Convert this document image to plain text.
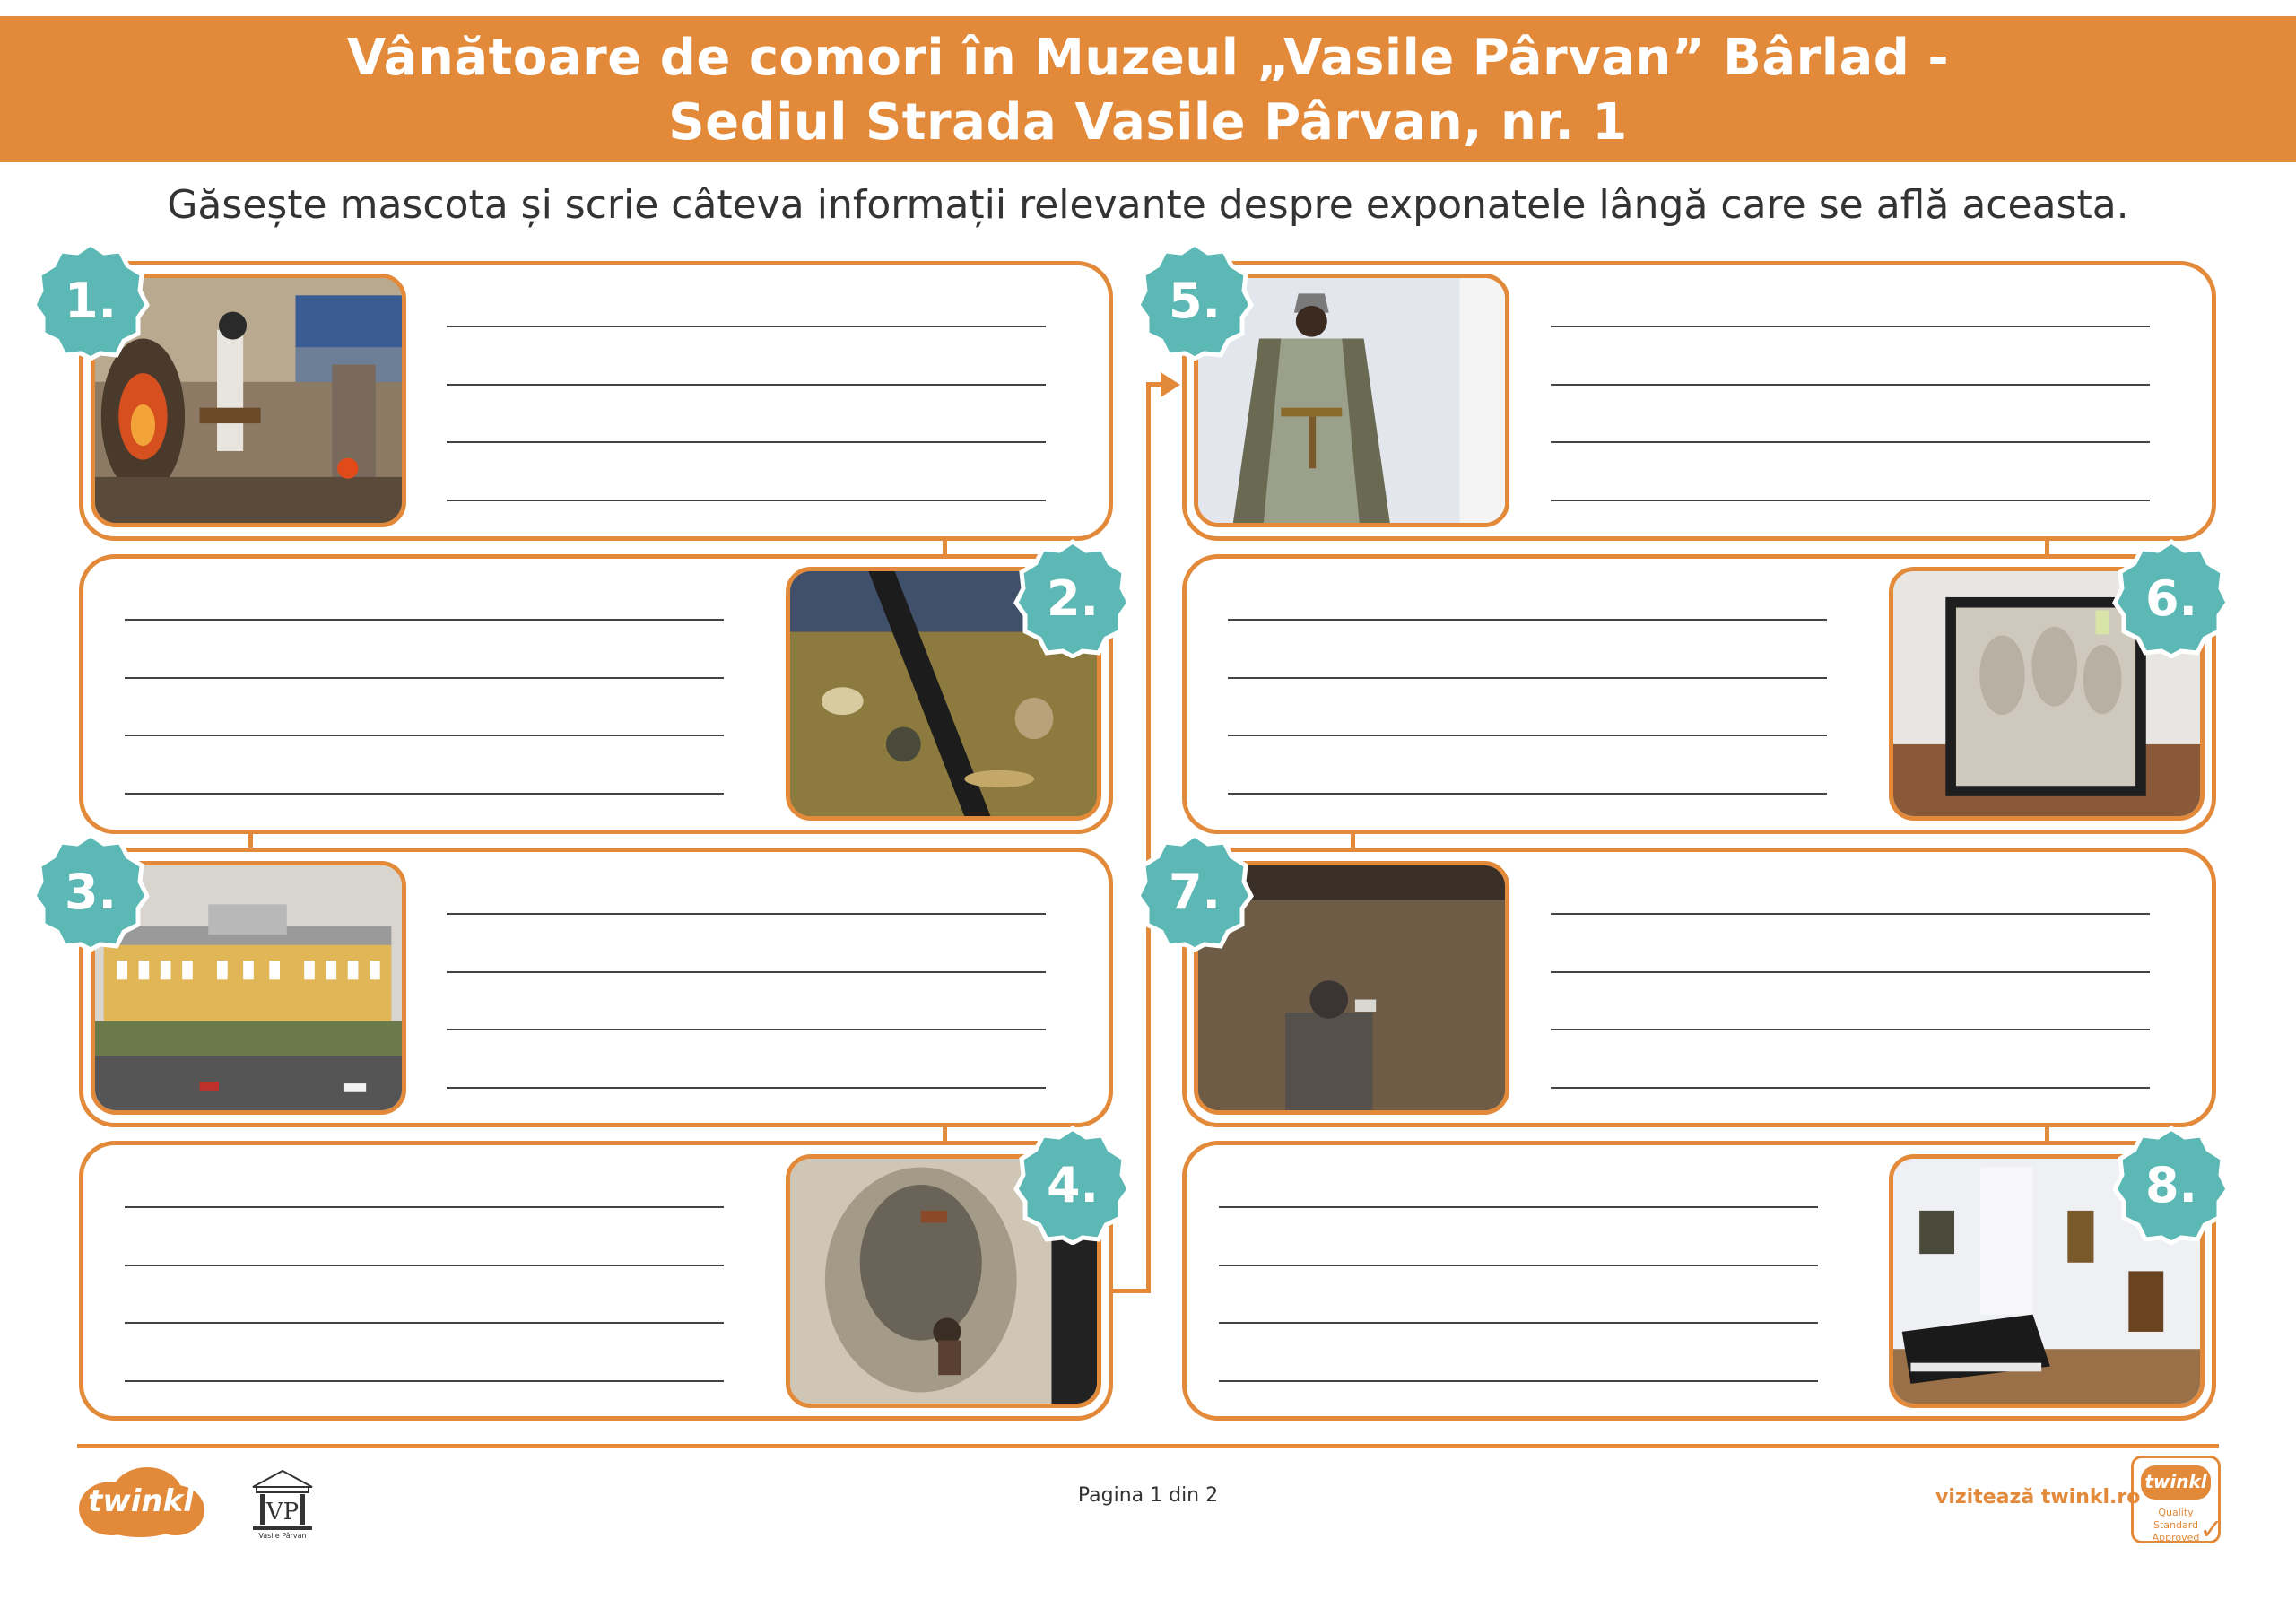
Vânătoare de comori în Muzeul „Vasile Pârvan” Bârlad -
Sediul Strada Vasile Pârvan, nr. 1
Găsește mascota și scrie câteva informații relevante despre exponatele lângă care se află aceasta.
1.
2.
3.
4.
5.
6.
7.
8.
twinkl	VP
Vasile Pârvan
Pagina 1 din 2	vizitează twinkl.ro
twinkl
Quality Standard Approved ✓
